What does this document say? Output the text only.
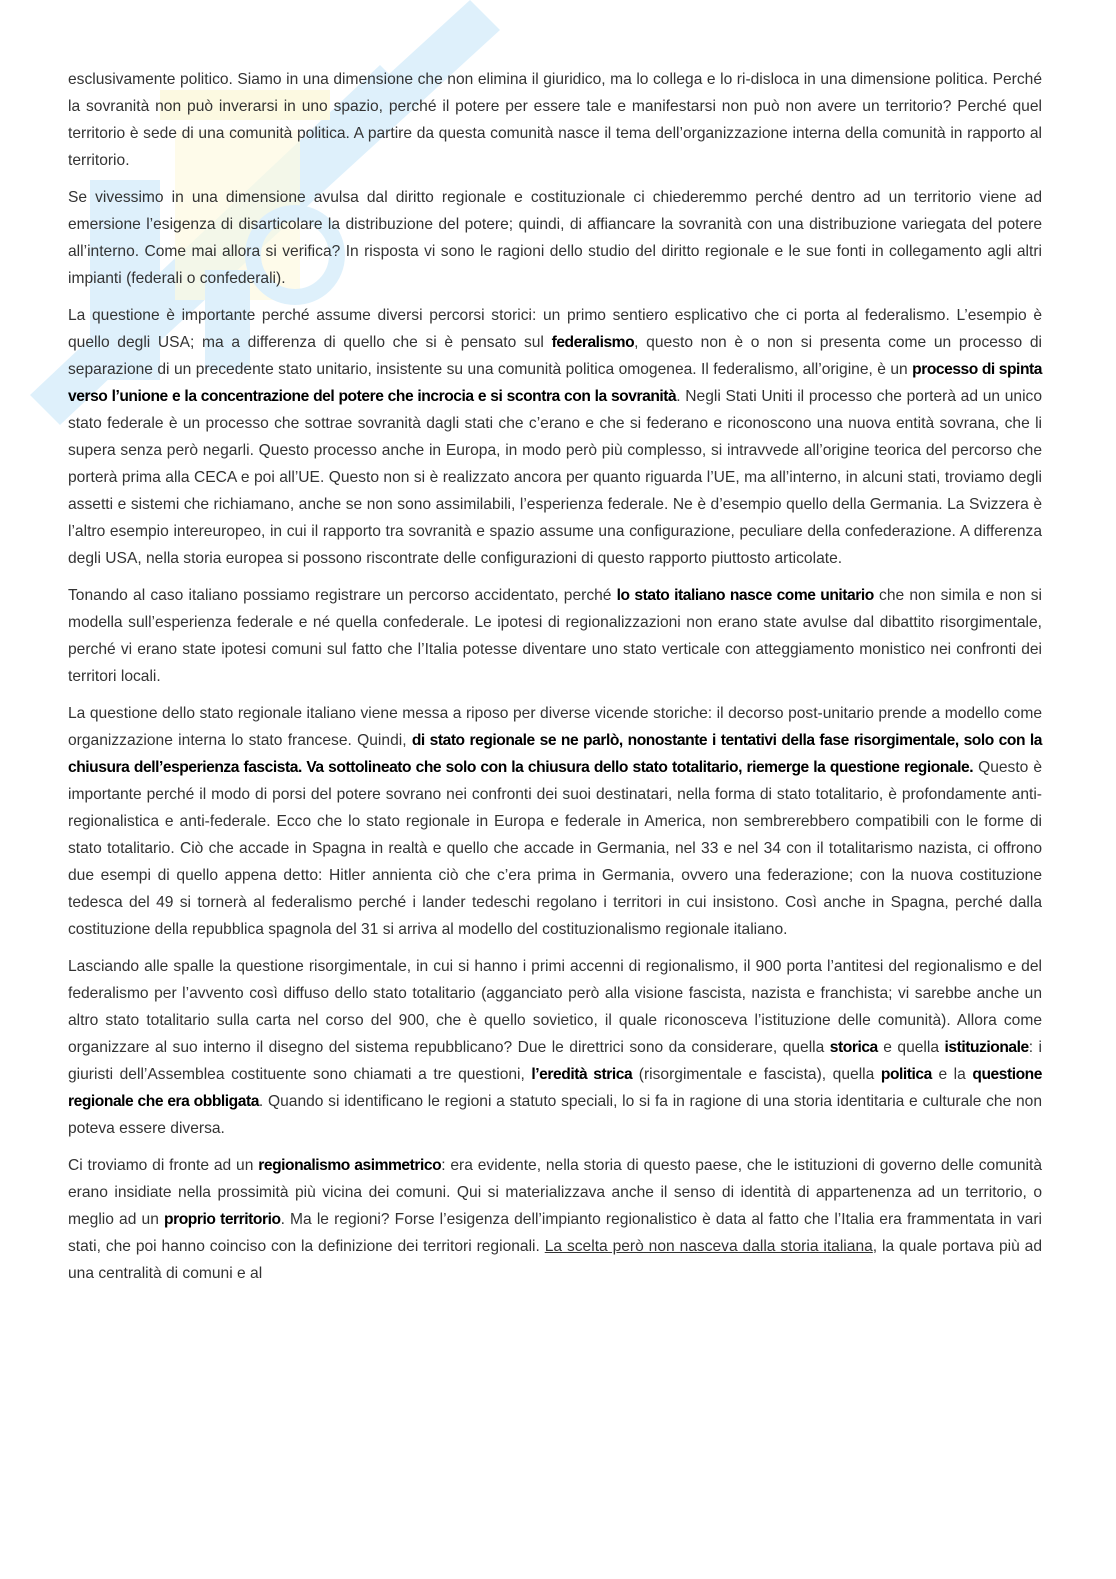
esclusivamente politico. Siamo in una dimensione che non elimina il giuridico, ma lo collega e lo ri-disloca in una dimensione politica. Perché la sovranità non può inverarsi in uno spazio, perché il potere per essere tale e manifestarsi non può non avere un territorio? Perché quel territorio è sede di una comunità politica. A partire da questa comunità nasce il tema dell’organizzazione interna della comunità in rapporto al territorio.

Se vivessimo in una dimensione avulsa dal diritto regionale e costituzionale ci chiederemmo perché dentro ad un territorio viene ad emersione l’esigenza di disarticolare la distribuzione del potere; quindi, di affiancare la sovranità con una distribuzione variegata del potere all’interno. Come mai allora si verifica? In risposta vi sono le ragioni dello studio del diritto regionale e le sue fonti in collegamento agli altri impianti (federali o confederali).

La questione è importante perché assume diversi percorsi storici: un primo sentiero esplicativo che ci porta al federalismo. L’esempio è quello degli USA; ma a differenza di quello che si è pensato sul federalismo, questo non è o non si presenta come un processo di separazione di un precedente stato unitario, insistente su una comunità politica omogenea. Il federalismo, all’origine, è un processo di spinta verso l’unione e la concentrazione del potere che incrocia e si scontra con la sovranità. Negli Stati Uniti il processo che porterà ad un unico stato federale è un processo che sottrae sovranità dagli stati che c’erano e che si federano e riconoscono una nuova entità sovrana, che li supera senza però negarli. Questo processo anche in Europa, in modo però più complesso, si intravvede all’origine teorica del percorso che porterà prima alla CECA e poi all’UE. Questo non si è realizzato ancora per quanto riguarda l’UE, ma all’interno, in alcuni stati, troviamo degli assetti e sistemi che richiamano, anche se non sono assimilabili, l’esperienza federale. Ne è d’esempio quello della Germania. La Svizzera è l’altro esempio intereuropeo, in cui il rapporto tra sovranità e spazio assume una configurazione, peculiare della confederazione. A differenza degli USA, nella storia europea si possono riscontrate delle configurazioni di questo rapporto piuttosto articolate.

Tonando al caso italiano possiamo registrare un percorso accidentato, perché lo stato italiano nasce come unitario che non simila e non si modella sull’esperienza federale e né quella confederale. Le ipotesi di regionalizzazioni non erano state avulse dal dibattito risorgimentale, perché vi erano state ipotesi comuni sul fatto che l’Italia potesse diventare uno stato verticale con atteggiamento monistico nei confronti dei territori locali.

La questione dello stato regionale italiano viene messa a riposo per diverse vicende storiche: il decorso post-unitario prende a modello come organizzazione interna lo stato francese. Quindi, di stato regionale se ne parlò, nonostante i tentativi della fase risorgimentale, solo con la chiusura dell’esperienza fascista. Va sottolineato che solo con la chiusura dello stato totalitario, riemerge la questione regionale. Questo è importante perché il modo di porsi del potere sovrano nei confronti dei suoi destinatari, nella forma di stato totalitario, è profondamente anti-regionalistica e anti-federale. Ecco che lo stato regionale in Europa e federale in America, non sembrerebbero compatibili con le forme di stato totalitario. Ciò che accade in Spagna in realtà e quello che accade in Germania, nel 33 e nel 34 con il totalitarismo nazista, ci offrono due esempi di quello appena detto: Hitler annienta ciò che c’era prima in Germania, ovvero una federazione; con la nuova costituzione tedesca del 49 si tornerà al federalismo perché i lander tedeschi regolano i territori in cui insistono. Così anche in Spagna, perché dalla costituzione della repubblica spagnola del 31 si arriva al modello del costituzionalismo regionale italiano.

Lasciando alle spalle la questione risorgimentale, in cui si hanno i primi accenni di regionalismo, il 900 porta l’antitesi del regionalismo e del federalismo per l’avvento così diffuso dello stato totalitario (agganciato però alla visione fascista, nazista e franchista; vi sarebbe anche un altro stato totalitario sulla carta nel corso del 900, che è quello sovietico, il quale riconosceva l’istituzione delle comunità). Allora come organizzare al suo interno il disegno del sistema repubblicano? Due le direttrici sono da considerare, quella storica e quella istituzionale: i giuristi dell’Assemblea costituente sono chiamati a tre questioni, l’eredità strica (risorgimentale e fascista), quella politica e la questione regionale che era obbligata. Quando si identificano le regioni a statuto speciali, lo si fa in ragione di una storia identitaria e culturale che non poteva essere diversa.

Ci troviamo di fronte ad un regionalismo asimmetrico: era evidente, nella storia di questo paese, che le istituzioni di governo delle comunità erano insidiate nella prossimità più vicina dei comuni. Qui si materializzava anche il senso di identità di appartenenza ad un territorio, o meglio ad un proprio territorio. Ma le regioni? Forse l’esigenza dell’impianto regionalistico è data al fatto che l’Italia era frammentata in vari stati, che poi hanno coinciso con la definizione dei territori regionali. La scelta però non nasceva dalla storia italiana, la quale portava più ad una centralità di comuni e al
